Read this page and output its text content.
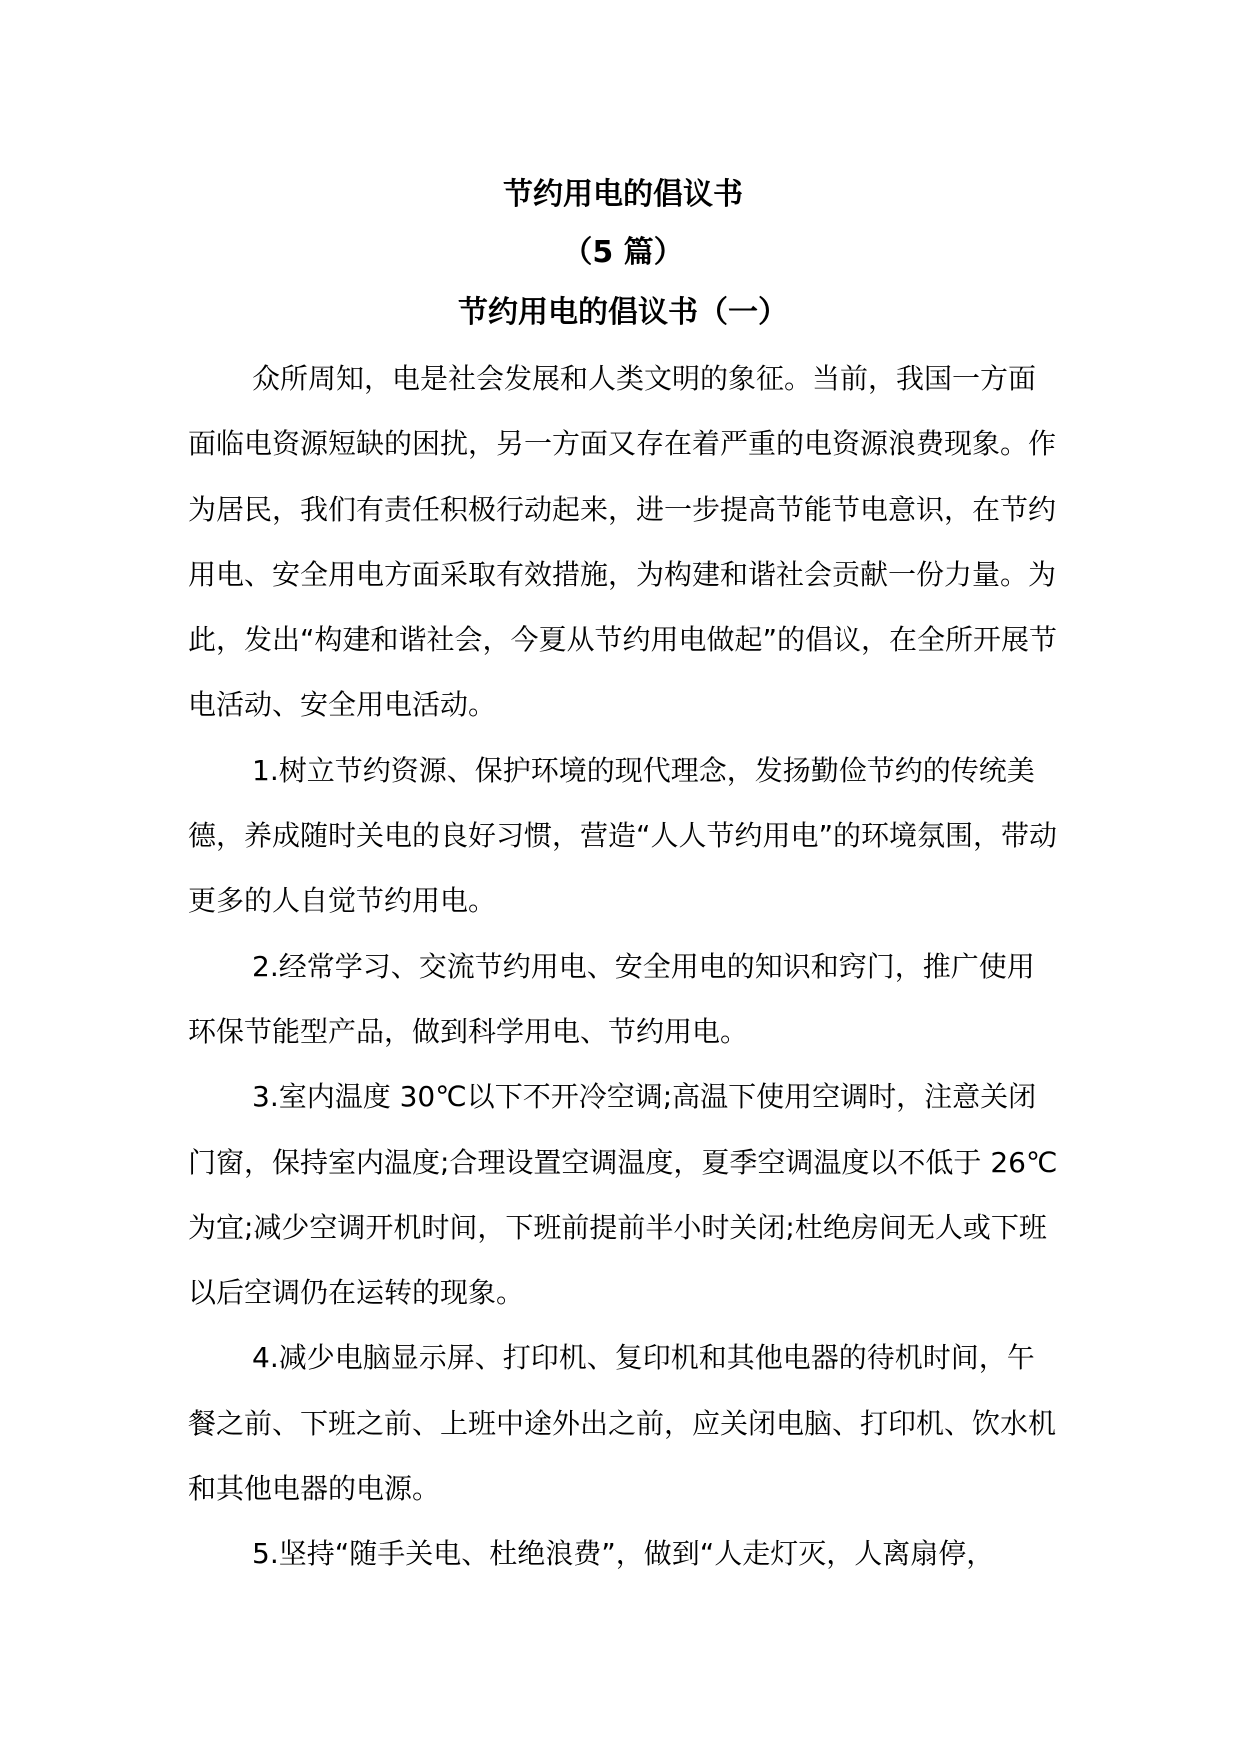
节约用电的倡议书
（5 篇）
节约用电的倡议书（一）

众所周知，电是社会发展和人类文明的象征。当前，我国一方面面临电资源短缺的困扰，另一方面又存在着严重的电资源浪费现象。作为居民，我们有责任积极行动起来，进一步提高节能节电意识，在节约用电、安全用电方面采取有效措施，为构建和谐社会贡献一份力量。为此，发出“构建和谐社会，今夏从节约用电做起”的倡议，在全所开展节电活动、安全用电活动。

1.树立节约资源、保护环境的现代理念，发扬勤俭节约的传统美德，养成随时关电的良好习惯，营造“人人节约用电”的环境氛围，带动更多的人自觉节约用电。

2.经常学习、交流节约用电、安全用电的知识和窍门，推广使用环保节能型产品，做到科学用电、节约用电。

3.室内温度 30℃以下不开冷空调;高温下使用空调时，注意关闭门窗，保持室内温度;合理设置空调温度，夏季空调温度以不低于 26℃为宜;减少空调开机时间，下班前提前半小时关闭;杜绝房间无人或下班以后空调仍在运转的现象。

4.减少电脑显示屏、打印机、复印机和其他电器的待机时间，午餐之前、下班之前、上班中途外出之前，应关闭电脑、打印机、饮水机和其他电器的电源。

5.坚持“随手关电、杜绝浪费”，做到“人走灯灭，人离扇停，
